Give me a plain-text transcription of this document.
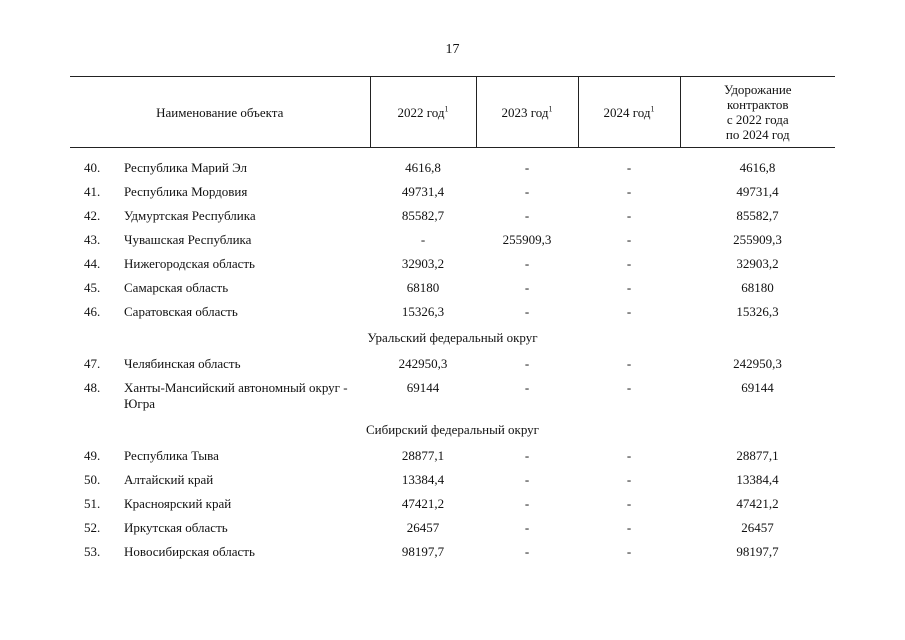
17
Наименование объекта	2022 год$^1$	2023 год$^1$	2024 год$^1$	Удорожание
контрактов
с 2022 года
по 2024 год

40. Республика Марий Эл	4616,8	-	-	4616,8

41. Республика Мордовия	49731,4	-	-	49731,4

42. Удмуртская Республика	85582,7	-	-	85582,7

43. Чувашская Республика	-	255909,3	-	255909,3

44. Нижегородская область	32903,2	-	-	32903,2

45. Самарская область	68180	-	-	68180

46. Саратовская область	15326,3	-	-	15326,3
Уральский федеральный округ				

47. Челябинская область	242950,3	-	-	242950,3

48. Ханты-Мансийский автономный округ - Югра	69144	-	-	69144
Сибирский федеральный округ				

49. Республика Тыва	28877,1	-	-	28877,1

50. Алтайский край	13384,4	-	-	13384,4

51. Красноярский край	47421,2	-	-	47421,2

52. Иркутская область	26457	-	-	26457

53. Новосибирская область	98197,7	-	-	98197,7
